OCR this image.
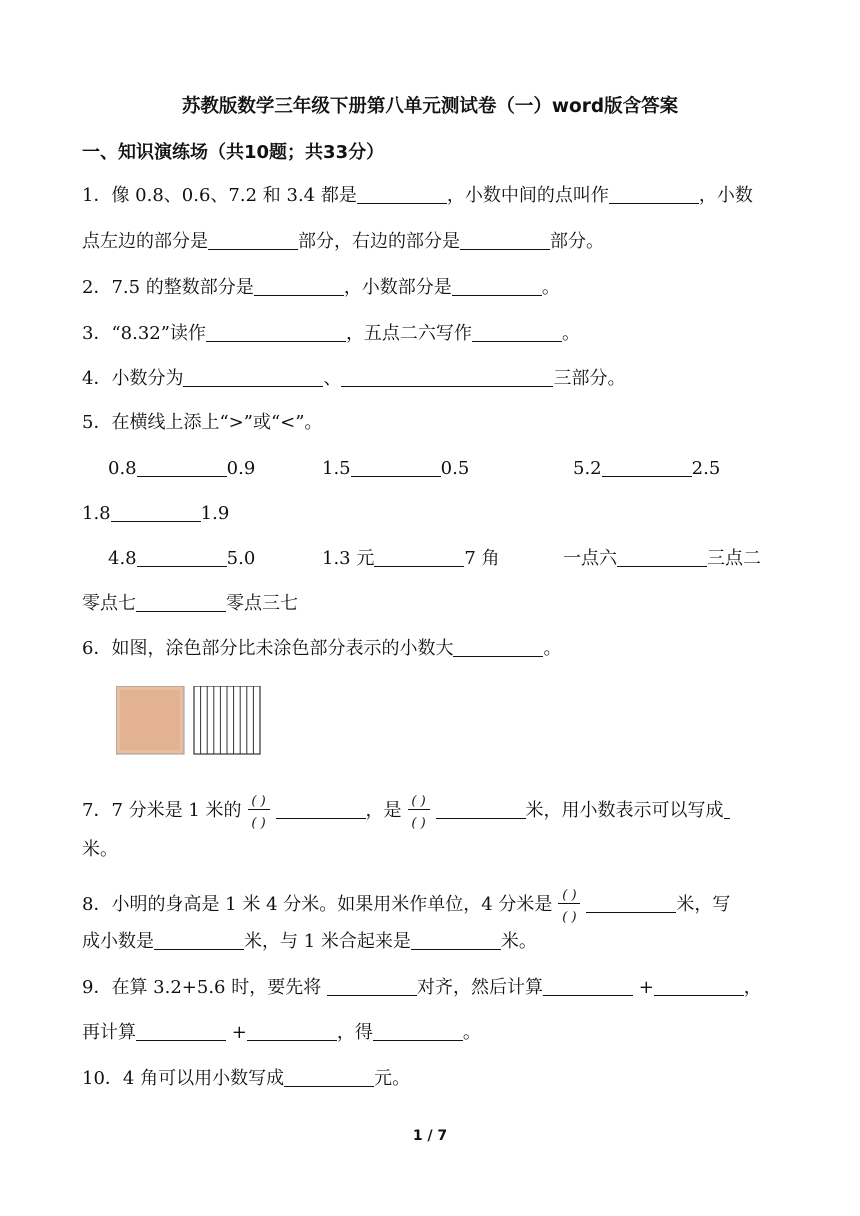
苏教版数学三年级下册第八单元测试卷（一）word版含答案
一、知识演练场（共10题；共33分）
1．像 0.8、0.6、7.2 和 3.4 都是	，小数中间的点叫作	，小数
点左边的部分是	部分，右边的部分是	部分。
2．7.5 的整数部分是	，小数部分是	。
3．“8.32”读作	，五点二六写作	。
4．小数分为	、	三部分。
5．在横线上添上“>”或“<”。
0.8	0.9	1.5	0.5	5.2	2.5
1.8	1.9
4.8	5.0	1.3 元	7 角	一点六	三点二
零点七	零点三七
6．如图，涂色部分比未涂色部分表示的小数大	。
7．7 分米是 1 米的 $\frac{( )}{( )}$	，是 $\frac{( )}{( )}$	米，用小数表示可以写成
米。
8．小明的身高是 1 米 4 分米。如果用米作单位，4 分米是 $\frac{( )}{( )}$	米，写
成小数是	米，与 1 米合起来是	米。
9．在算 3.2+5.6 时，要先将	对齐，然后计算	+	，
再计算	+	，得	。
10．4 角可以用小数写成	元。
1 / 7
